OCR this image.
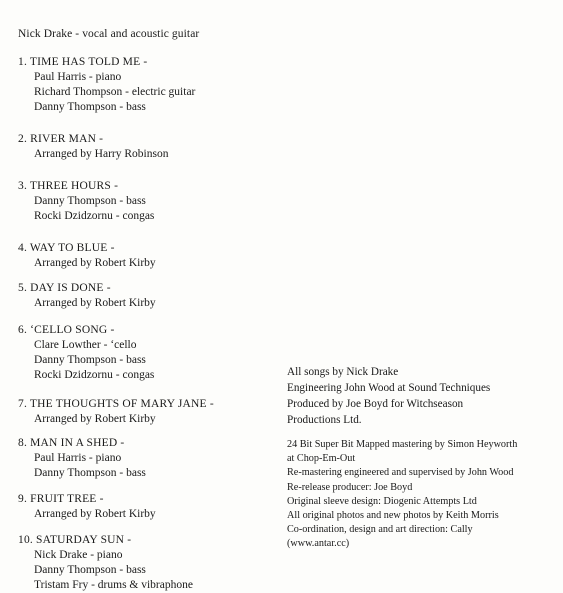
Nick Drake - vocal and acoustic guitar
1. TIME HAS TOLD ME -
Paul Harris - piano
Richard Thompson - electric guitar
Danny Thompson - bass
2. RIVER MAN -
Arranged by Harry Robinson
3. THREE HOURS -
Danny Thompson - bass
Rocki Dzidzornu - congas
4. WAY TO BLUE -
Arranged by Robert Kirby
5. DAY IS DONE -
Arranged by Robert Kirby
6. ‘CELLO SONG -
Clare Lowther - ‘cello
Danny Thompson - bass
Rocki Dzidzornu - congas
7. THE THOUGHTS OF MARY JANE -
Arranged by Robert Kirby
8. MAN IN A SHED -
Paul Harris - piano
Danny Thompson - bass
9. FRUIT TREE -
Arranged by Robert Kirby
10. SATURDAY SUN -
Nick Drake - piano
Danny Thompson - bass
Tristam Fry - drums & vibraphone
All songs by Nick Drake
Engineering John Wood at Sound Techniques
Produced by Joe Boyd for Witchseason
Productions Ltd.
24 Bit Super Bit Mapped mastering by Simon Heyworth
at Chop-Em-Out
Re-mastering engineered and supervised by John Wood
Re-release producer: Joe Boyd
Original sleeve design: Diogenic Attempts Ltd
All original photos and new photos by Keith Morris
Co-ordination, design and art direction: Cally
(www.antar.cc)
